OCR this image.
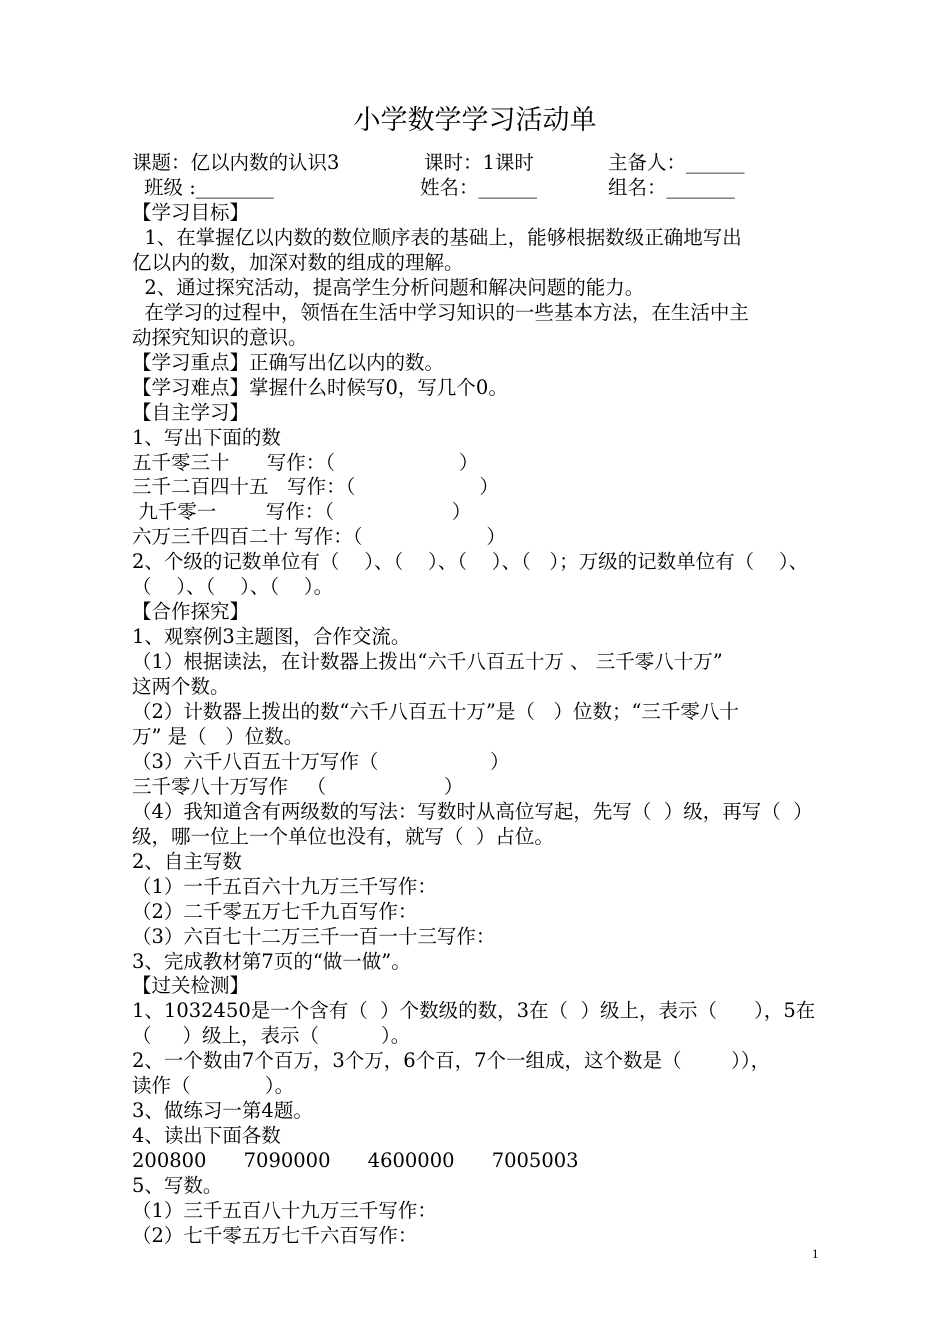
小学数学学习活动单
课题：亿以内数的认识3	课时：1课时	主备人：______
班级 :________	姓名：______	组名：_______
【学习目标】
1、在掌握亿以内数的数位顺序表的基础上，能够根据数级正确地写出
亿以内的数，加深对数的组成的理解。
2、通过探究活动，提高学生分析问题和解决问题的能力。
在学习的过程中，领悟在生活中学习知识的一些基本方法，在生活中主
动探究知识的意识。
【学习重点】正确写出亿以内的数。
【学习难点】掌握什么时候写0，写几个0。
【自主学习】
1、写出下面的数
五千零三十      写作：（                    ）
三千二百四十五   写作：（                    ）
九千零一        写作：（                   ）
六万三千四百二十 写作：（                    ）
2、个级的记数单位有（    ）、（    ）、（    ）、（   ）；万级的记数单位有（    ）、
（    ）、（    ）、（    ）。
【合作探究】
1、观察例3主题图，合作交流。
（1）根据读法，在计数器上拨出“六千八百五十万 、 三千零八十万”
这两个数。
（2）计数器上拨出的数“六千八百五十万”是（   ）位数；“三千零八十
万” 是（   ）位数。
（3）六千八百五十万写作（                  ）
三千零八十万写作   （                   ）
（4）我知道含有两级数的写法：写数时从高位写起，先写（  ）级，再写（  ）
级，哪一位上一个单位也没有，就写（  ）占位。
2、自主写数
（1）一千五百六十九万三千写作：
（2）二千零五万七千九百写作：
（3）六百七十二万三千一百一十三写作：
3、完成教材第7页的“做一做”。
【过关检测】
1、1032450是一个含有（  ）个数级的数，3在（  ）级上，表示（      ），5在
（     ）级上，表示（          ）。
2、一个数由7个百万，3个万，6个百，7个一组成，这个数是（        ）），
读作（            ）。
3、做练习一第4题。
4、读出下面各数
200800      7090000      4600000      7005003
5、写数。
（1）三千五百八十九万三千写作：
（2）七千零五万七千六百写作：
1
